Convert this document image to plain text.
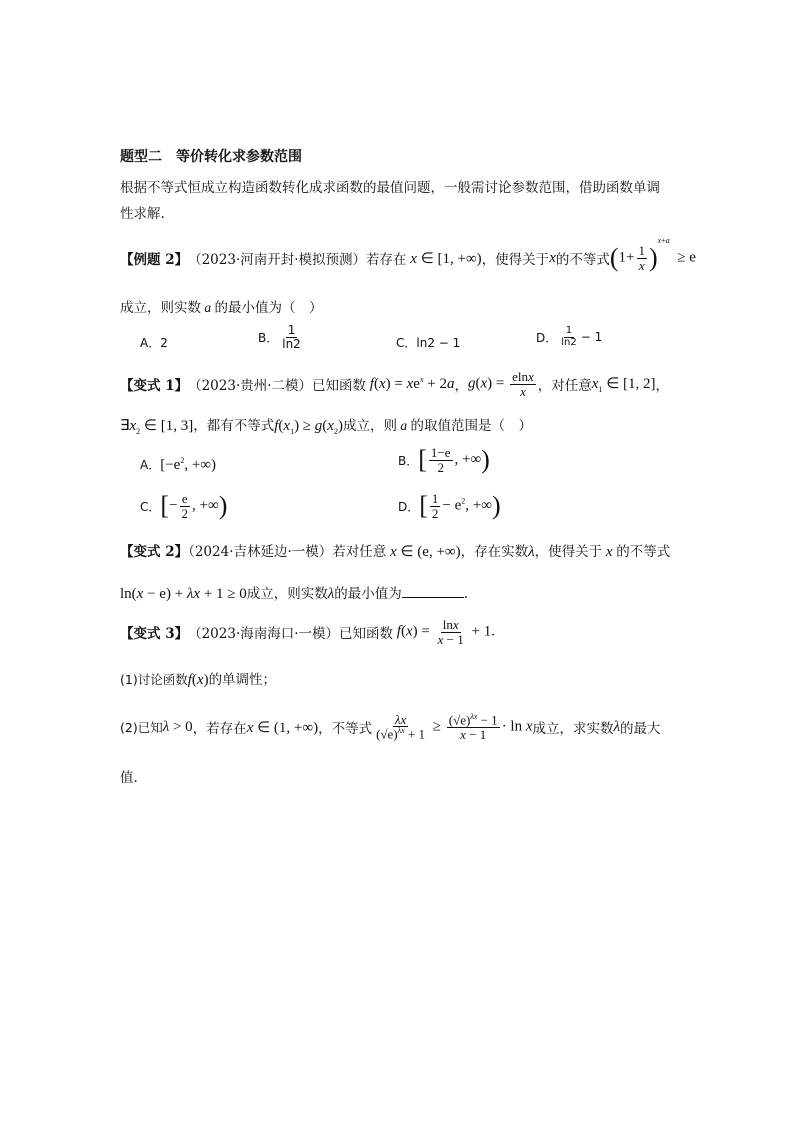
题型二　等价转化求参数范围
根据不等式恒成立构造函数转化成求函数的最值问题，一般需讨论参数范围，借助函数单调
性求解.
【例题 2】 （2023·河南开封·模拟预测） 若存在 x ∈ [1, +∞) ，使得关于 x 的不等式 $(1+ \frac{1}{x} )^{x+a} \ge e$
成立，则实数 a 的最小值为（　）
A．2	B． $\frac{1}{\ln 2}$	C．ln2 − 1	D． $\frac{1}{\ln 2} - 1$
【变式 1】 （2023·贵州·二模） 已知函数 $f(x) = xe^x + 2a$ ， $g(x) = \frac{elnx}{x}$ ，对任意 $x_1$ ∈ [1, 2] ，
$\exists x_2$ ∈ [1, 3]，都有不等式$f(x_1) \ge g(x_2)$成立，则 a 的取值范围是（　）
A．[$-e^2$, +∞)	B． [ $\frac{1-e}{2}$ , +∞)
C． [− $\frac{e}{2}$ , +∞)	D． [ $\frac{1}{2} - e^2$, +∞)
【变式 2】（2024·吉林延边·一模）若对任意 x ∈ (e, +∞)，存在实数λ，使得关于 x 的不等式
ln(x − e) + λx + 1 ≥ 0成立，则实数λ的最小值为	.
【变式 3】 （2023·海南海口·一模） 已知函数 $f(x) = \frac{\ln x}{x - 1} + 1$.
(1)讨论函数f(x)的单调性；
(2)已知 λ > 0 ，若存在 x ∈ (1, +∞) ，不等式 $\frac{\lambda x}{(√e)^{\lambda x} + 1} \ge \frac{(√e)^{\lambda x} - 1}{x - 1} \cdot \ln x$ 成立，求实数 λ 的最大
值.
